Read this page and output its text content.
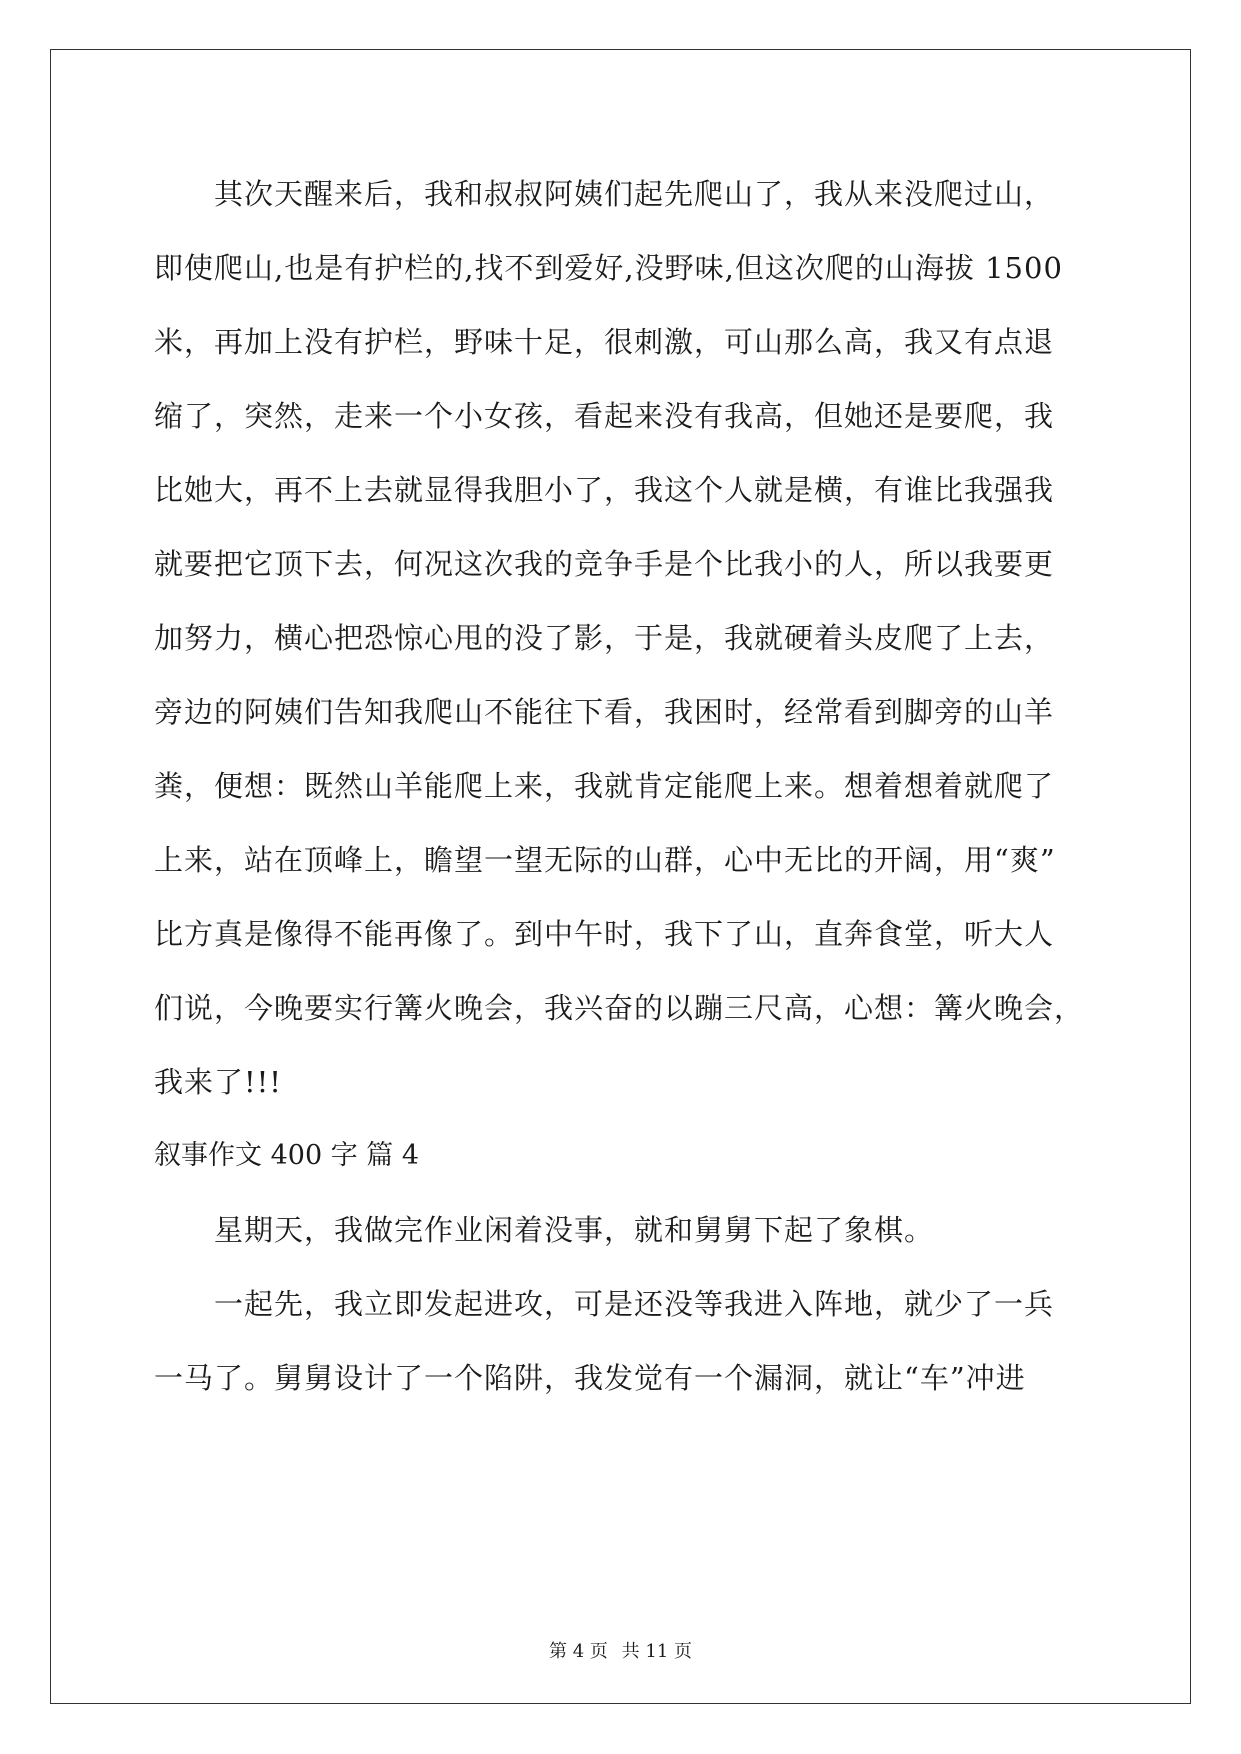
其次天醒来后，我和叔叔阿姨们起先爬山了，我从来没爬过山，
即使爬山,也是有护栏的,找不到爱好,没野味,但这次爬的山海拔 1500
米，再加上没有护栏，野味十足，很刺激，可山那么高，我又有点退
缩了，突然，走来一个小女孩，看起来没有我高，但她还是要爬，我
比她大，再不上去就显得我胆小了，我这个人就是横，有谁比我强我
就要把它顶下去，何况这次我的竞争手是个比我小的人，所以我要更
加努力，横心把恐惊心甩的没了影，于是，我就硬着头皮爬了上去，
旁边的阿姨们告知我爬山不能往下看，我困时，经常看到脚旁的山羊
粪，便想：既然山羊能爬上来，我就肯定能爬上来。想着想着就爬了
上来，站在顶峰上，瞻望一望无际的山群，心中无比的开阔，用“爽”
比方真是像得不能再像了。到中午时，我下了山，直奔食堂，听大人
们说，今晚要实行篝火晚会，我兴奋的以蹦三尺高，心想：篝火晚会，
我来了!!!
叙事作文 400 字 篇 4
星期天，我做完作业闲着没事，就和舅舅下起了象棋。
一起先，我立即发起进攻，可是还没等我进入阵地，就少了一兵
一马了。舅舅设计了一个陷阱，我发觉有一个漏洞，就让“车”冲进
第 4 页 共 11 页
